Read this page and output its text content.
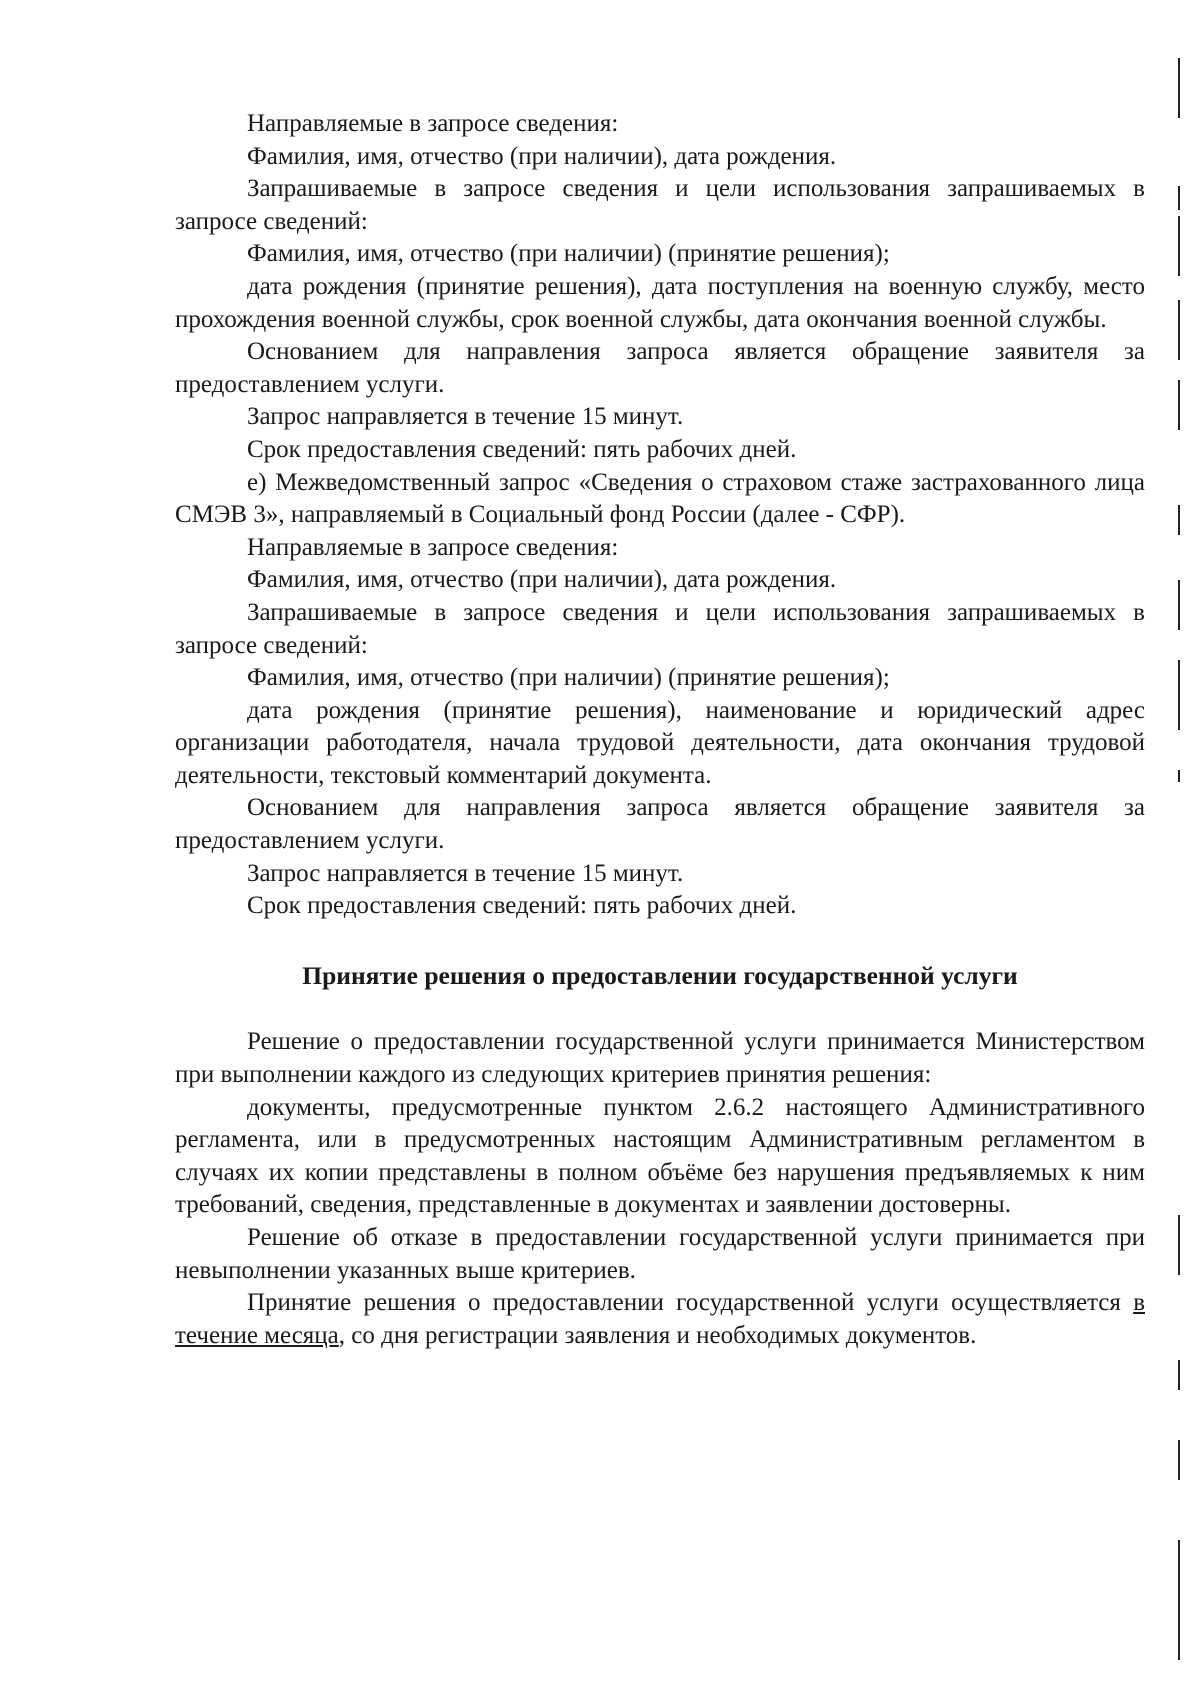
Направляемые в запросе сведения:

Фамилия, имя, отчество (при наличии), дата рождения.

Запрашиваемые в запросе сведения и цели использования запрашиваемых в запросе сведений:

Фамилия, имя, отчество (при наличии) (принятие решения);

дата рождения (принятие решения), дата поступления на военную службу, место прохождения военной службы, срок военной службы, дата окончания военной службы.

Основанием для направления запроса является обращение заявителя за предоставлением услуги.

Запрос направляется в течение 15 минут.

Срок предоставления сведений: пять рабочих дней.

е) Межведомственный запрос «Сведения о страховом стаже застрахованного лица СМЭВ 3», направляемый в Социальный фонд России (далее - СФР).

Направляемые в запросе сведения:

Фамилия, имя, отчество (при наличии), дата рождения.

Запрашиваемые в запросе сведения и цели использования запрашиваемых в запросе сведений:

Фамилия, имя, отчество (при наличии) (принятие решения);

дата рождения (принятие решения), наименование и юридический адрес организации работодателя, начала трудовой деятельности, дата окончания трудовой деятельности, текстовый комментарий документа.

Основанием для направления запроса является обращение заявителя за предоставлением услуги.

Запрос направляется в течение 15 минут.

Срок предоставления сведений: пять рабочих дней.

Принятие решения о предоставлении государственной услуги

Решение о предоставлении государственной услуги принимается Министерством при выполнении каждого из следующих критериев принятия решения:

документы, предусмотренные пунктом 2.6.2 настоящего Административного регламента, или в предусмотренных настоящим Административным регламентом в случаях их копии представлены в полном объёме без нарушения предъявляемых к ним требований, сведения, представленные в документах и заявлении достоверны.

Решение об отказе в предоставлении государственной услуги принимается при невыполнении указанных выше критериев.

Принятие решения о предоставлении государственной услуги осуществляется в течение месяца, со дня регистрации заявления и необходимых документов.
